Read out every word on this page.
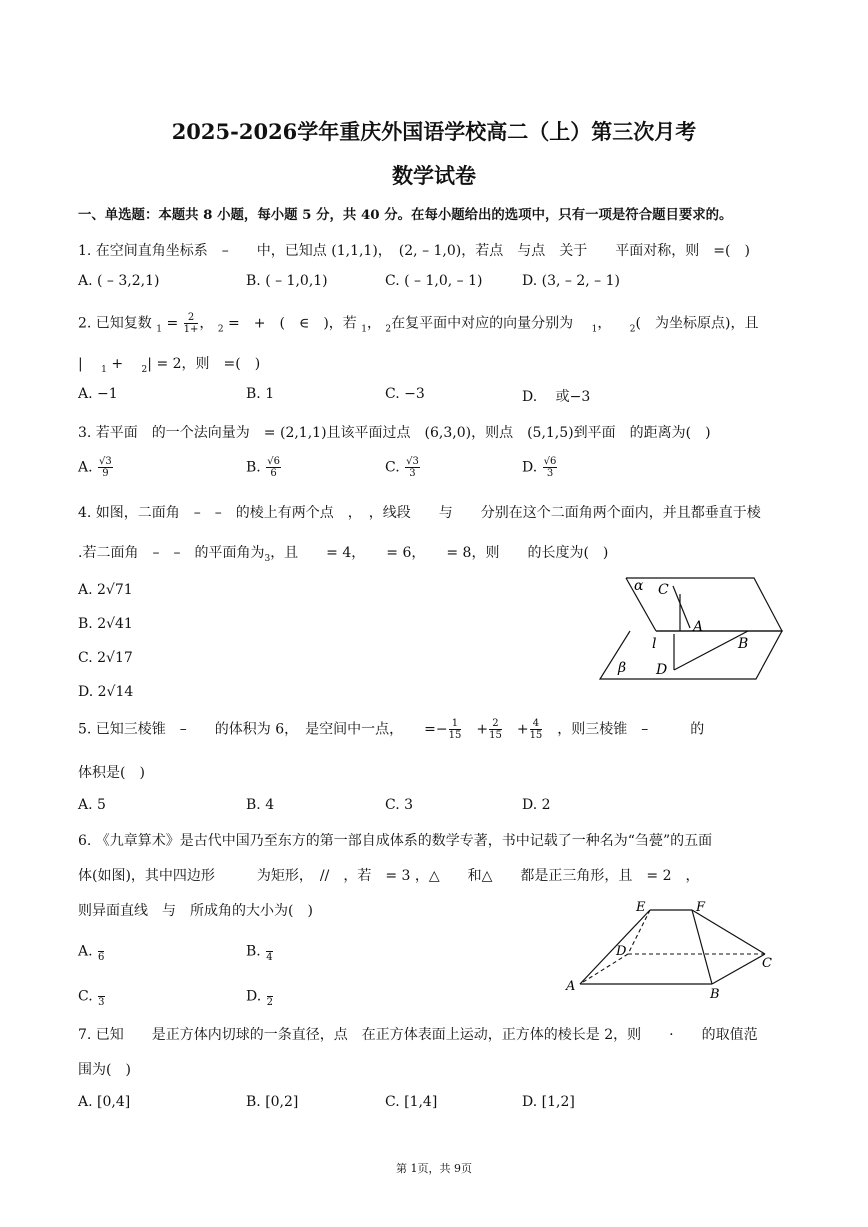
2025-2026学年重庆外国语学校高二（上）第三次月考
数学试卷
一、单选题：本题共 8 小题，每小题 5 分，共 40 分。在每小题给出的选项中，只有一项是符合题目要求的。
1. 在空间直角坐标系　–　　中，已知点 (1,1,1)，　(2, – 1,0)，若点　与点　关于　　平面对称，则　=(　)
A. ( – 3,2,1)	B. ( – 1,0,1)	C. ( – 1,0, – 1)	D. (3, – 2, – 1)
2. 已知复数 $_1 = \frac{2}{1+}$ ， $_2$ =　+　(　∈　)，若 $_1$， $_2$在复平面中对应的向量分别为 　 $_1$， 　 $_2$(　为坐标原点)，且
| 　 $_1$ + 　 $_2$| = 2，则　=(　)
A. −1	B. 1	C. −3	D. 　或−3
3. 若平面　的一个法向量为　= (2,1,1)且该平面过点　(6,3,0)，则点　(5,1,5)到平面　的距离为(　)
A. $\frac{√3}{9}$	B. $\frac{√6}{6}$	C. $\frac{√3}{3}$	D. $\frac{√6}{3}$
4. 如图，二面角　–　–　的棱上有两个点　，　，线段　　与　　分别在这个二面角两个面内，并且都垂直于棱
.若二面角　–　–　的平面角为$_3$，且　　= 4，　　= 6，　　= 8，则　　的长度为(　)
A. 2√71
B. 2√41
C. 2√17
D. 2√14
α C
A
B
l
β D
5. 已知三棱锥　–　　的体积为 6，　是空间中一点，　　=− $\frac{1}{15}$
　 + $\frac{2}{15}$
　 + $\frac{4}{15}$
　 ，则三棱锥　–　　　的
体积是(　)
A. 5	B. 4	C. 3	D. 2
6. 《九章算术》是古代中国乃至东方的第一部自成体系的数学专著，书中记载了一种名为“刍甍”的五面
体(如图)，其中四边形　　　为矩形，　//　，若　= 3 ，△　　和△　　都是正三角形，且　= 2　，
则异面直线　与　所成角的大小为(　)
A.
6	B.
4
C.
3	D.
2
E	F
D
C
A
B
7. 已知　　是正方体内切球的一条直径，点　在正方体表面上运动，正方体的棱长是 2，则　　·　　的取值范
围为(　)
A. [0,4]	B. [0,2]	C. [1,4]	D. [1,2]
第 1页，共 9页
